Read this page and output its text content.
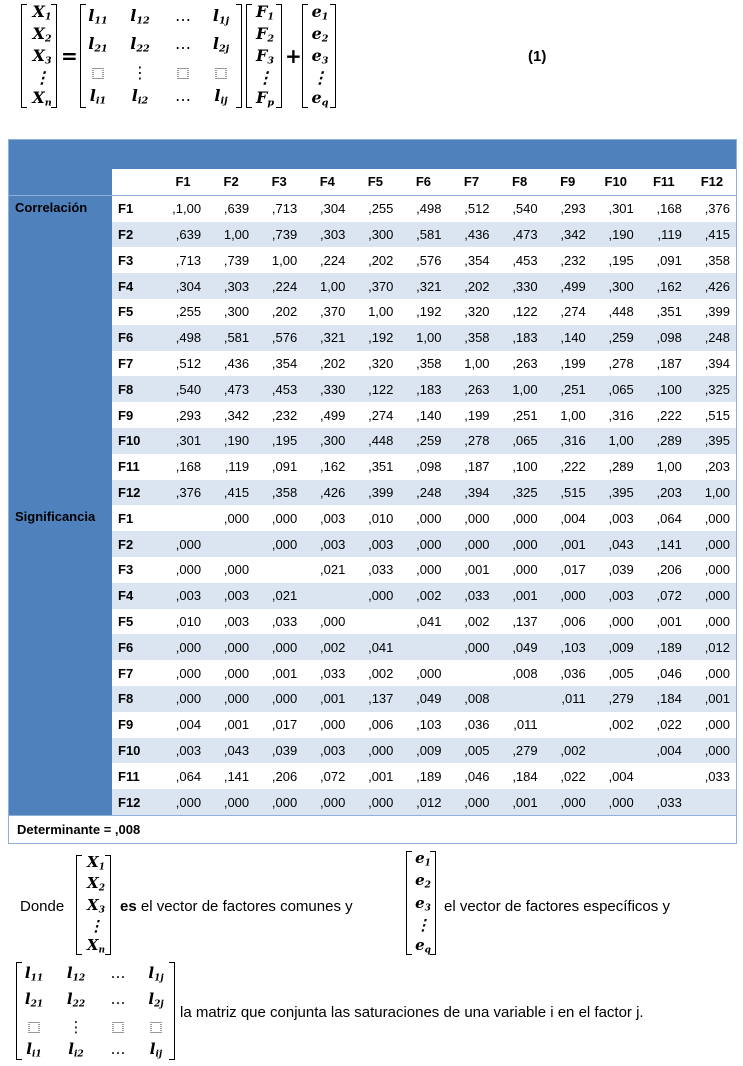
$X_1$
$X_2$
$X_3$
⋮
$X_n$
=
$l_{11}$ $l_{12}$ … $l_{1j}$
$l_{21}$ $l_{22}$ … $l_{2j}$
⋮
$l_{i1}$ $l_{i2}$ … $l_{ij}$
$F_1$
$F_2$
$F_3$
⋮
$F_p$
+
$e_1$
$e_2$
$e_3$
⋮
$e_q$
(1)
		F1	F2	F3	F4	F5	F6	F7	F8	F9	F10	F11	F12
Correlación	F1	,1,00	,639	,713	,304	,255	,498	,512	,540	,293	,301	,168	,376
	F2	,639	1,00	,739	,303	,300	,581	,436	,473	,342	,190	,119	,415
	F3	,713	,739	1,00	,224	,202	,576	,354	,453	,232	,195	,091	,358
	F4	,304	,303	,224	1,00	,370	,321	,202	,330	,499	,300	,162	,426
	F5	,255	,300	,202	,370	1,00	,192	,320	,122	,274	,448	,351	,399
	F6	,498	,581	,576	,321	,192	1,00	,358	,183	,140	,259	,098	,248
	F7	,512	,436	,354	,202	,320	,358	1,00	,263	,199	,278	,187	,394
	F8	,540	,473	,453	,330	,122	,183	,263	1,00	,251	,065	,100	,325
	F9	,293	,342	,232	,499	,274	,140	,199	,251	1,00	,316	,222	,515
	F10	,301	,190	,195	,300	,448	,259	,278	,065	,316	1,00	,289	,395
	F11	,168	,119	,091	,162	,351	,098	,187	,100	,222	,289	1,00	,203
	F12	,376	,415	,358	,426	,399	,248	,394	,325	,515	,395	,203	1,00
Significancia	F1		,000	,000	,003	,010	,000	,000	,000	,004	,003	,064	,000
	F2	,000		,000	,003	,003	,000	,000	,000	,001	,043	,141	,000
	F3	,000	,000		,021	,033	,000	,001	,000	,017	,039	,206	,000
	F4	,003	,003	,021		,000	,002	,033	,001	,000	,003	,072	,000
	F5	,010	,003	,033	,000		,041	,002	,137	,006	,000	,001	,000
	F6	,000	,000	,000	,002	,041		,000	,049	,103	,009	,189	,012
	F7	,000	,000	,001	,033	,002	,000		,008	,036	,005	,046	,000
	F8	,000	,000	,000	,001	,137	,049	,008		,011	,279	,184	,001
	F9	,004	,001	,017	,000	,006	,103	,036	,011		,002	,022	,000
	F10	,003	,043	,039	,003	,000	,009	,005	,279	,002		,004	,000
	F11	,064	,141	,206	,072	,001	,189	,046	,184	,022	,004		,033
	F12	,000	,000	,000	,000	,000	,012	,000	,001	,000	,000	,033	
Determinante = ,008													
Donde
$X_1$
$X_2$
$X_3$
⋮
$X_n$
es el vector de factores comunes y
$e_1$
$e_2$
$e_3$
⋮
$e_q$
el vector de factores específicos y
$l_{11}$ $l_{12}$ … $l_{1j}$
$l_{21}$ $l_{22}$ … $l_{2j}$
⋮
$l_{i1}$ $l_{i2}$ … $l_{ij}$
la matriz que conjunta las saturaciones de una variable i en el factor j.
